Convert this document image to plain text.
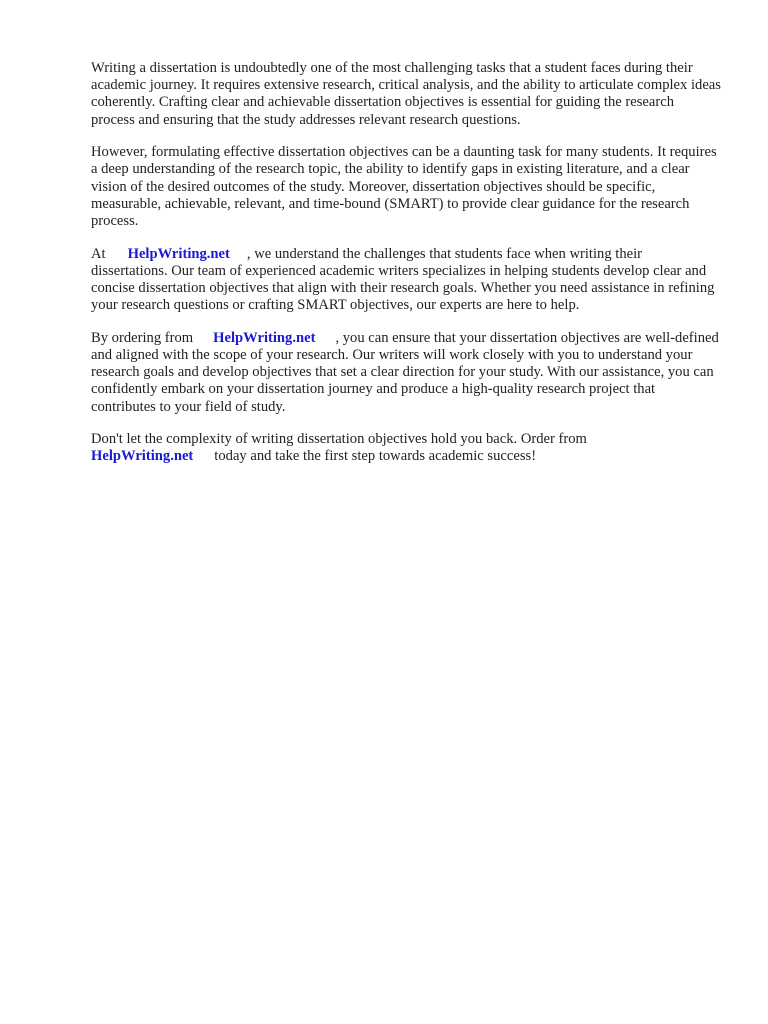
Writing a dissertation is undoubtedly one of the most challenging tasks that a student faces during their academic journey. It requires extensive research, critical analysis, and the ability to articulate complex ideas coherently. Crafting clear and achievable dissertation objectives is essential for guiding the research process and ensuring that the study addresses relevant research questions.

However, formulating effective dissertation objectives can be a daunting task for many students. It requires a deep understanding of the research topic, the ability to identify gaps in existing literature, and a clear vision of the desired outcomes of the study. Moreover, dissertation objectives should be specific, measurable, achievable, relevant, and time-bound (SMART) to provide clear guidance for the research process.

At HelpWriting.net , we understand the challenges that students face when writing their dissertations. Our team of experienced academic writers specializes in helping students develop clear and concise dissertation objectives that align with their research goals. Whether you need assistance in refining your research questions or crafting SMART objectives, our experts are here to help.

By ordering from HelpWriting.net , you can ensure that your dissertation objectives are well-defined and aligned with the scope of your research. Our writers will work closely with you to understand your research goals and develop objectives that set a clear direction for your study. With our assistance, you can confidently embark on your dissertation journey and produce a high-quality research project that contributes to your field of study.

Don't let the complexity of writing dissertation objectives hold you back. Order from
HelpWriting.net today and take the first step towards academic success!
